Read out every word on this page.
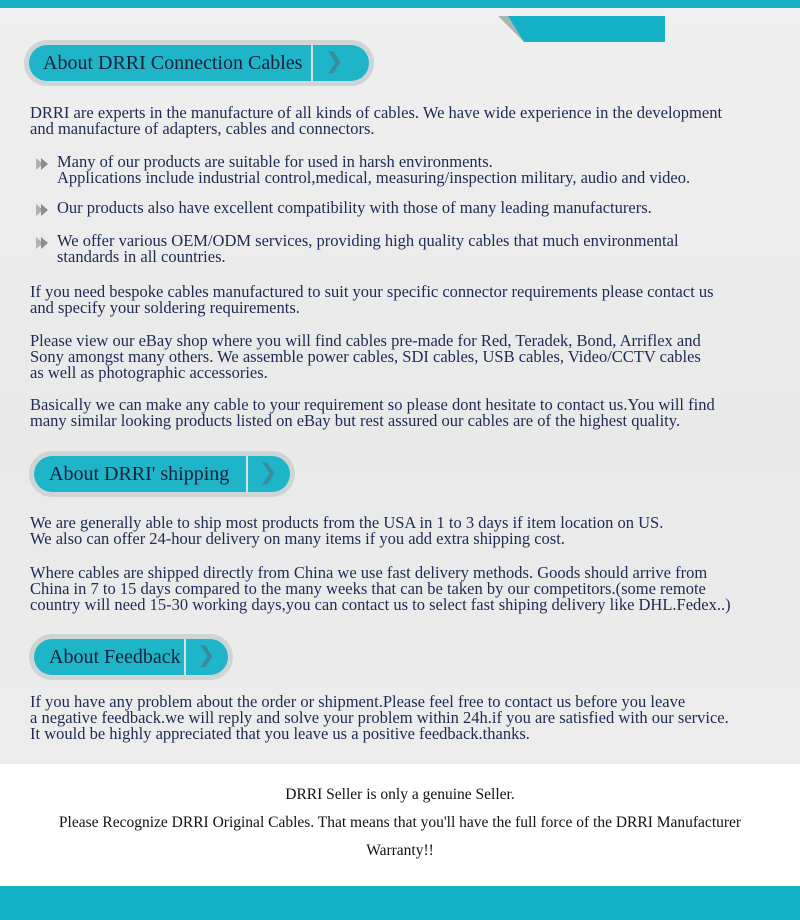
About DRRI Connection Cables ❯
DRRI are experts in the manufacture of all kinds of cables. We have wide experience in the development
and manufacture of adapters, cables and connectors.
Many of our products are suitable for used in harsh environments.
Applications include industrial control,medical, measuring/inspection military, audio and video.
Our products also have excellent compatibility with those of many leading manufacturers.
We offer various OEM/ODM services, providing high quality cables that much environmental
standards in all countries.
If you need bespoke cables manufactured to suit your specific connector requirements please contact us
and specify your soldering requirements.
Please view our eBay shop where you will find cables pre-made for Red, Teradek, Bond, Arriflex and
Sony amongst many others. We assemble power cables, SDI cables, USB cables, Video/CCTV cables
as well as photographic accessories.
Basically we can make any cable to your requirement so please dont hesitate to contact us.You will find
many similar looking products listed on eBay but rest assured our cables are of the highest quality.
About DRRI' shipping ❯
We are generally able to ship most products from the USA in 1 to 3 days if item location on US.
We also can offer 24-hour delivery on many items if you add extra shipping cost.
Where cables are shipped directly from China we use fast delivery methods. Goods should arrive from
China in 7 to 15 days compared to the many weeks that can be taken by our competitors.(some remote
country will need 15-30 working days,you can contact us to select fast shiping delivery like DHL.Fedex..)
About Feedback ❯
If you have any problem about the order or shipment.Please feel free to contact us before you leave
a negative feedback.we will reply and solve your problem within 24h.if you are satisfied with our service.
It would be highly appreciated that you leave us a positive feedback.thanks.
DRRI Seller is only a genuine Seller.
Please Recognize DRRI Original Cables. That means that you'll have the full force of the DRRI Manufacturer
Warranty!!
